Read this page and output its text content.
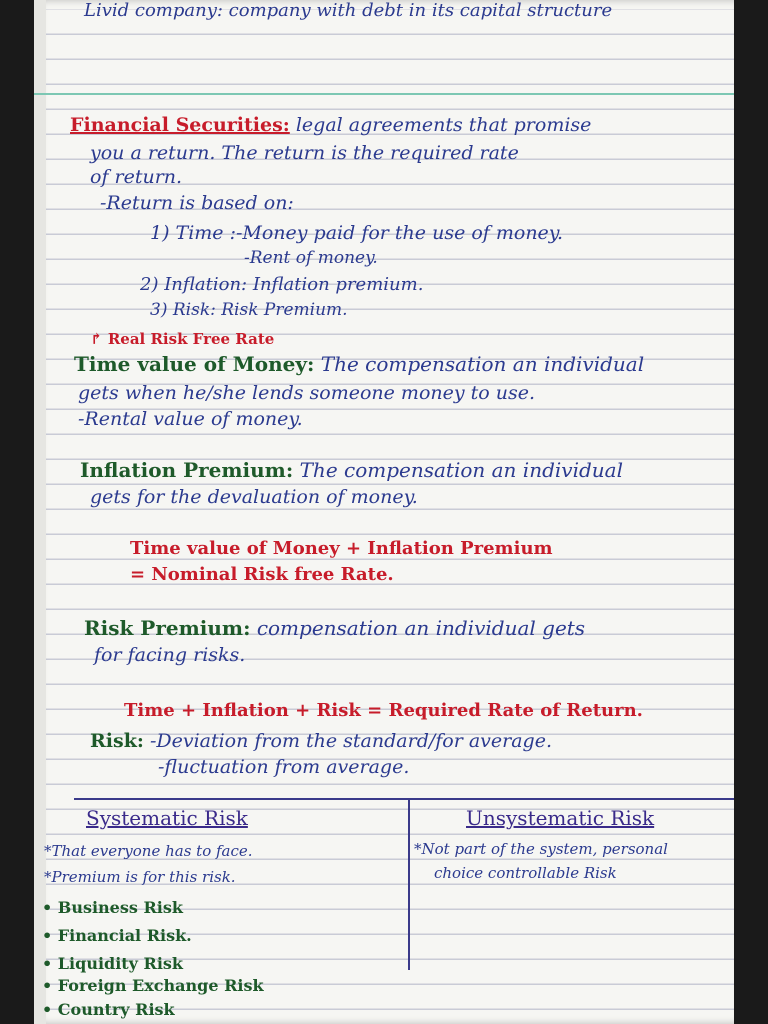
Livid company: company with debt in its capital structure
Financial Securities: legal agreements that promise
you a return. The return is the required rate
of return.
-Return is based on:
1) Time :-Money paid for the use of money.
-Rent of money.
2) Inflation: Inflation premium.
3) Risk: Risk Premium.
↱ Real Risk Free Rate
Time value of Money: The compensation an individual
gets when he/she lends someone money to use.
-Rental value of money.
Inflation Premium: The compensation an individual
gets for the devaluation of money.
Time value of Money + Inflation Premium
= Nominal Risk free Rate.
Risk Premium: compensation an individual gets
for facing risks.
Time + Inflation + Risk = Required Rate of Return.
Risk: -Deviation from the standard/for average.
-fluctuation from average.
Systematic Risk	Unsystematic Risk
*That everyone has to face.
*Premium is for this risk.
• Business Risk
• Financial Risk.
• Liquidity Risk
• Foreign Exchange Risk
• Country Risk
*Not part of the system, personal
choice controllable Risk
